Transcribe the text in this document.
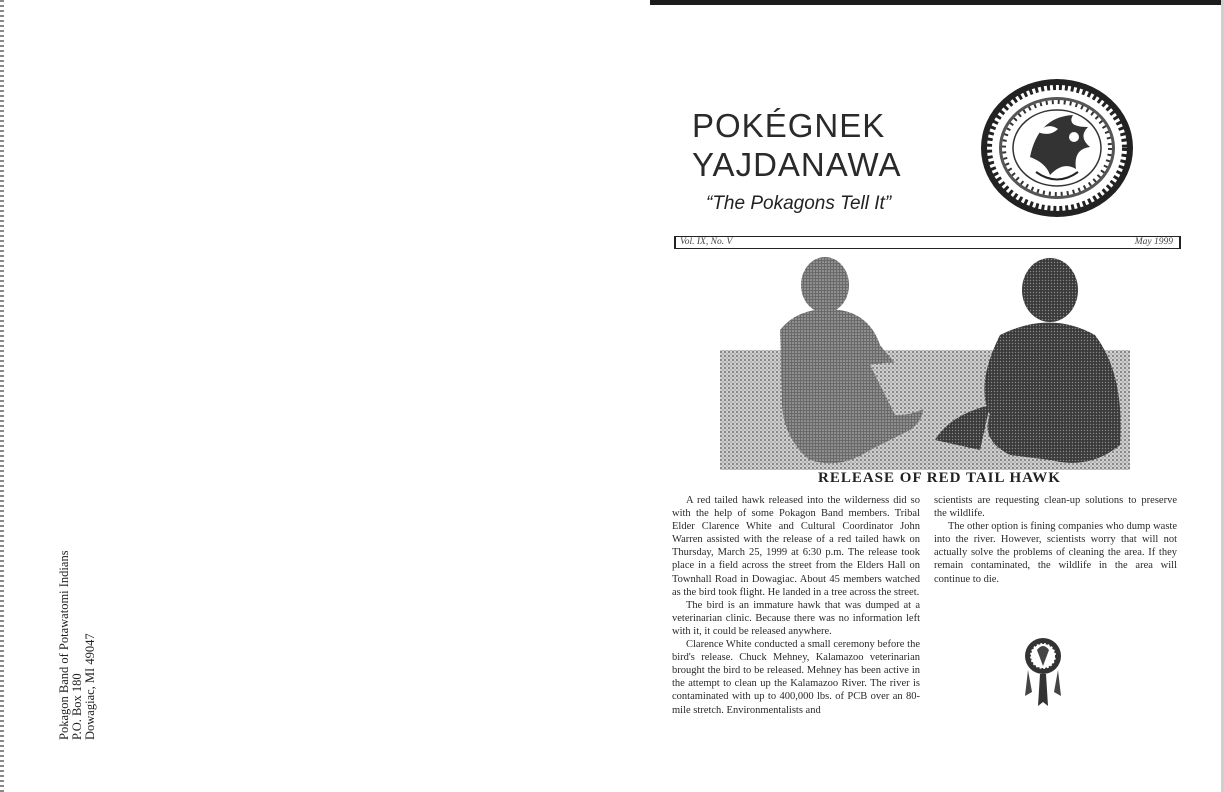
Pokagon Band of Potawatomi Indians P.O. Box 180 Dowagiac, MI 49047
POKÉGNEK
YAJDANAWA
“The Pokagons Tell It”
Vol. IX, No. V	May 1999
RELEASE OF RED TAIL HAWK

A red tailed hawk released into the wilderness did so with the help of some Pokagon Band members. Tribal Elder Clarence White and Cultural Coordinator John Warren assisted with the release of a red tailed hawk on Thursday, March 25, 1999 at 6:30 p.m. The release took place in a field across the street from the Elders Hall on Townhall Road in Dowagiac. About 45 members watched as the bird took flight. He landed in a tree across the street.

The bird is an immature hawk that was dumped at a veterinarian clinic. Because there was no information left with it, it could be released anywhere.

Clarence White conducted a small ceremony before the bird's release. Chuck Mehney, Kalamazoo veterinarian brought the bird to be released. Mehney has been active in the attempt to clean up the Kalamazoo River. The river is contaminated with up to 400,000 lbs. of PCB over an 80-mile stretch. Environmentalists and

scientists are requesting clean-up solutions to preserve the wildlife.

The other option is fining companies who dump waste into the river. However, scientists worry that will not actually solve the problems of cleaning the area. If they remain contaminated, the wildlife in the area will continue to die.
